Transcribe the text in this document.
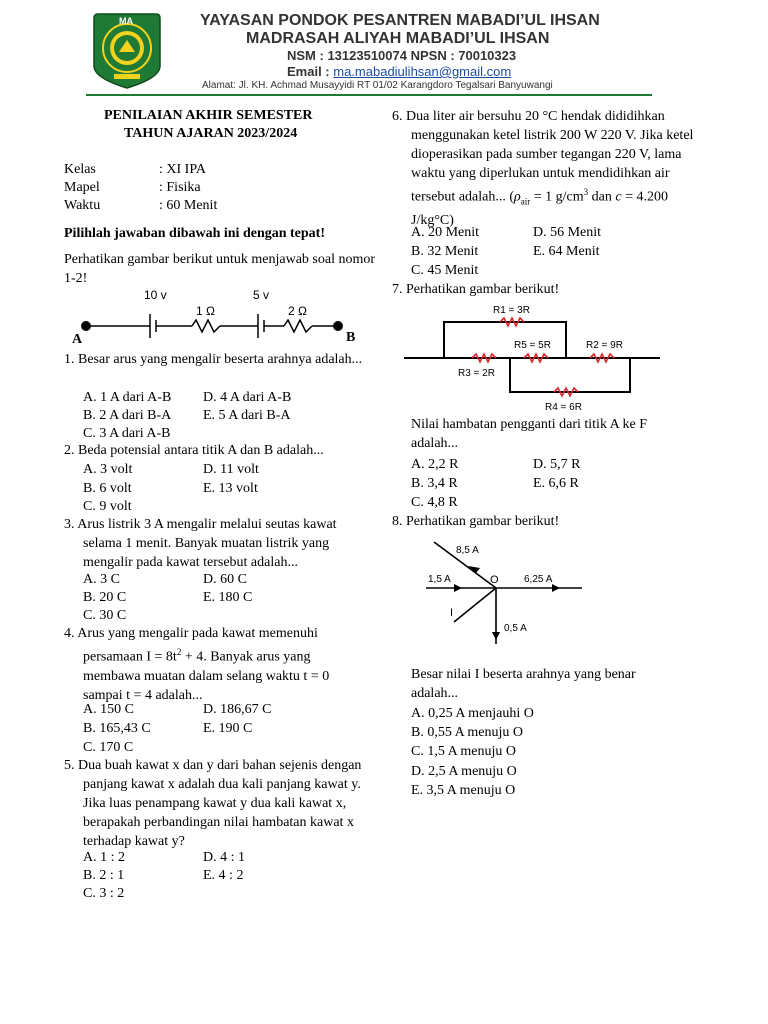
MA	YAYASAN PONDOK PESANTREN MABADI’UL IHSAN
MADRASAH ALIYAH MABADI’UL IHSAN
NSM : 13123510074 NPSN : 70010323
Email : ma.mabadiulihsan@gmail.com
Alamat: Jl. KH. Achmad Musayyidi RT 01/02 Karangdoro Tegalsari Banyuwangi
PENILAIAN AKHIR SEMESTER
TAHUN AJARAN 2023/2024
Kelas	: XI IPA
Mapel	: Fisika
Waktu	: 60 Menit
Pilihlah jawaban dibawah ini dengan tepat!
Perhatikan gambar berikut untuk menjawab soal nomor 1-2!
10 v	5 v
1 Ω	2 Ω
A	B
1. Besar arus yang mengalir beserta arahnya adalah...
A. 1 A dari A-B D. 4 A dari A-B
B. 2 A dari B-A E. 5 A dari B-A
C. 3 A dari A-B
2. Beda potensial antara titik A dan B adalah...
A. 3 volt	D. 11 volt
B. 6 volt	E. 13 volt
C. 9 volt
3. Arus listrik 3 A mengalir melalui seutas kawat selama 1 menit. Banyak muatan listrik yang mengalir pada kawat tersebut adalah...
A. 3 C	D. 60 C
B. 20 C	E. 180 C
C. 30 C
4. Arus yang mengalir pada kawat memenuhi persamaan $I = 8t^2 + 4$. Banyak arus yang membawa muatan dalam selang waktu t = 0 sampai t = 4 adalah...
A. 150 C	D. 186,67 C
B. 165,43 C	E. 190 C
C. 170 C
5. Dua buah kawat x dan y dari bahan sejenis dengan panjang kawat x adalah dua kali panjang kawat y. Jika luas penampang kawat y dua kali kawat x, berapakah perbandingan nilai hambatan kawat x terhadap kawat y?
A. 1 : 2	D. 4 : 1
B. 2 : 1	E. 4 : 2
C. 3 : 2
6. Dua liter air bersuhu 20 °C hendak dididihkan menggunakan ketel listrik 200 W 220 V. Jika ketel dioperasikan pada sumber tegangan 220 V, lama waktu yang diperlukan untuk mendidihkan air tersebut adalah... ($\rho_{air} = 1$ $g/cm^3$ dan c = 4.200 J/kg°C)
A. 20 Menit	D. 56 Menit
B. 32 Menit	E. 64 Menit
C. 45 Menit
7. Perhatikan gambar berikut!
R1 = 3R
R5 = 5R	R2 = 9R
R3 = 2R
R4 = 6R
Nilai hambatan pengganti dari titik A ke F adalah...
A. 2,2 R	D. 5,7 R
B. 3,4 R	E. 6,6 R
C. 4,8 R
8. Perhatikan gambar berikut!
8,5 A
1,5 A	O	6,25 A
I
0,5 A
Besar nilai I beserta arahnya yang benar adalah...
A. 0,25 A menjauhi O
B. 0,55 A menuju O
C. 1,5 A menuju O
D. 2,5 A menuju O
E. 3,5 A menuju O
